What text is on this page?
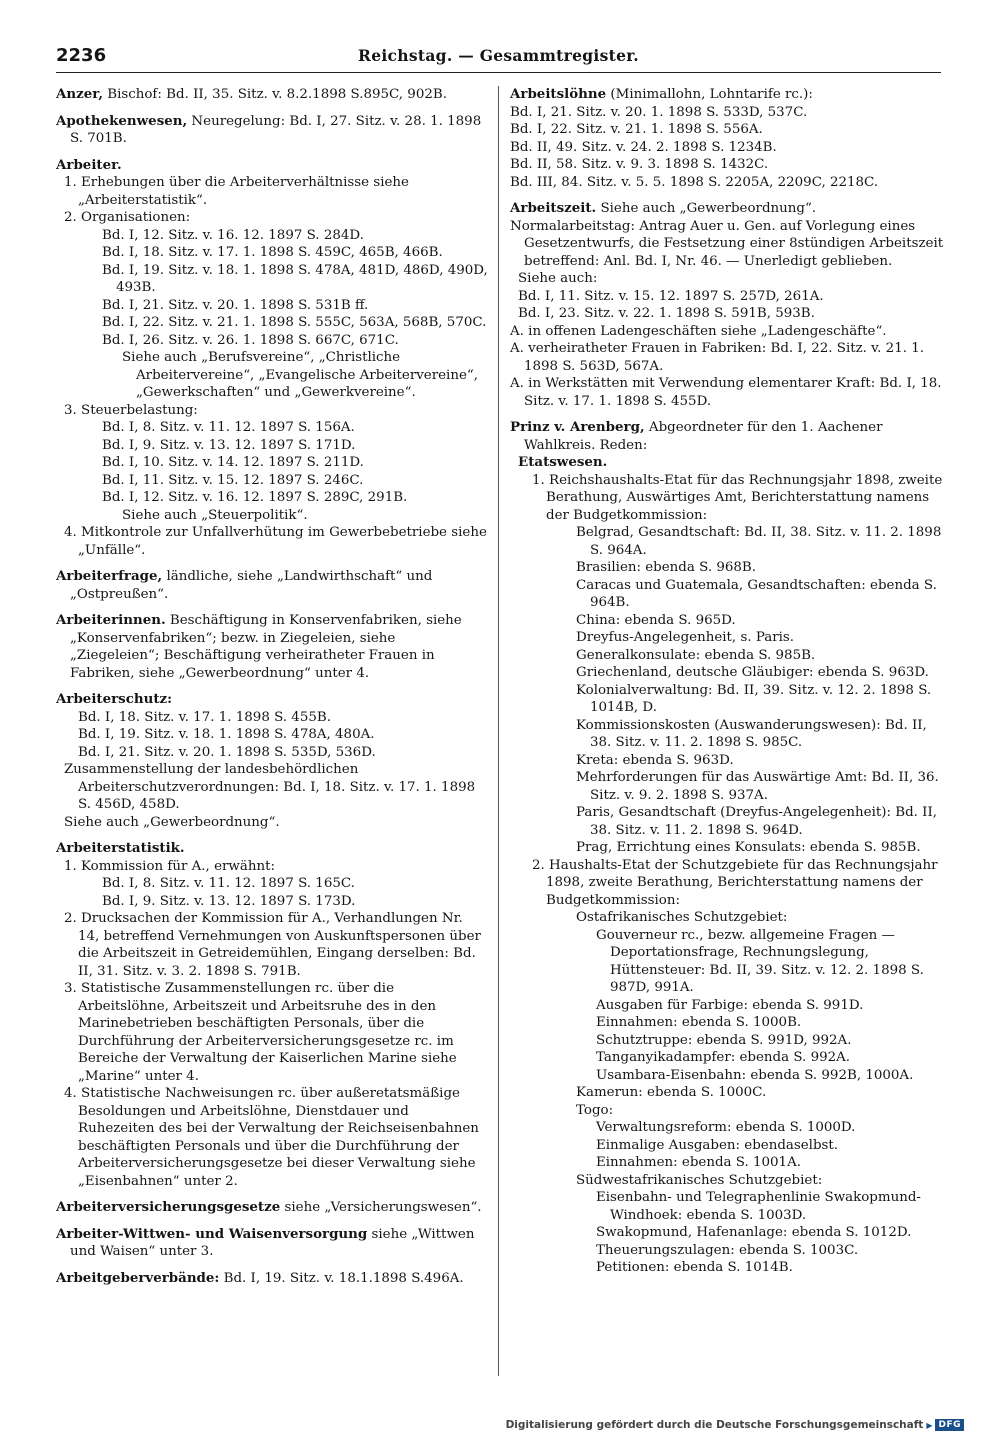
2236	Reichstag. — Gesammtregister.

Anzer, Bischof: Bd. II, 35. Sitz. v. 8.2.1898 S.895C, 902B.

Apothekenwesen, Neuregelung: Bd. I, 27. Sitz. v. 28. 1. 1898 S. 701B.

Arbeiter.

1. Erhebungen über die Arbeiterverhältnisse siehe „Arbeiterstatistik“.

2. Organisationen:

Bd. I, 12. Sitz. v. 16. 12. 1897 S. 284D.

Bd. I, 18. Sitz. v. 17. 1. 1898 S. 459C, 465B, 466B.

Bd. I, 19. Sitz. v. 18. 1. 1898 S. 478A, 481D, 486D, 490D, 493B.

Bd. I, 21. Sitz. v. 20. 1. 1898 S. 531B ff.

Bd. I, 22. Sitz. v. 21. 1. 1898 S. 555C, 563A, 568B, 570C.

Bd. I, 26. Sitz. v. 26. 1. 1898 S. 667C, 671C.

Siehe auch „Berufsvereine“, „Christliche Arbeitervereine“, „Evangelische Arbeitervereine“, „Gewerkschaften“ und „Gewerkvereine“.

3. Steuerbelastung:

Bd. I, 8. Sitz. v. 11. 12. 1897 S. 156A.

Bd. I, 9. Sitz. v. 13. 12. 1897 S. 171D.

Bd. I, 10. Sitz. v. 14. 12. 1897 S. 211D.

Bd. I, 11. Sitz. v. 15. 12. 1897 S. 246C.

Bd. I, 12. Sitz. v. 16. 12. 1897 S. 289C, 291B.

Siehe auch „Steuerpolitik“.

4. Mitkontrole zur Unfallverhütung im Gewerbebetriebe siehe „Unfälle“.

Arbeiterfrage, ländliche, siehe „Landwirthschaft“ und „Ostpreußen“.

Arbeiterinnen. Beschäftigung in Konservenfabriken, siehe „Konservenfabriken“; bezw. in Ziegeleien, siehe „Ziegeleien“; Beschäftigung verheiratheter Frauen in Fabriken, siehe „Gewerbeordnung“ unter 4.

Arbeiterschutz:

Bd. I, 18. Sitz. v. 17. 1. 1898 S. 455B.

Bd. I, 19. Sitz. v. 18. 1. 1898 S. 478A, 480A.

Bd. I, 21. Sitz. v. 20. 1. 1898 S. 535D, 536D.

Zusammenstellung der landesbehördlichen Arbeiterschutzverordnungen: Bd. I, 18. Sitz. v. 17. 1. 1898 S. 456D, 458D.

Siehe auch „Gewerbeordnung“.

Arbeiterstatistik.

1. Kommission für A., erwähnt:

Bd. I, 8. Sitz. v. 11. 12. 1897 S. 165C.

Bd. I, 9. Sitz. v. 13. 12. 1897 S. 173D.

2. Drucksachen der Kommission für A., Verhandlungen Nr. 14, betreffend Vernehmungen von Auskunftspersonen über die Arbeitszeit in Getreidemühlen, Eingang derselben: Bd. II, 31. Sitz. v. 3. 2. 1898 S. 791B.

3. Statistische Zusammenstellungen rc. über die Arbeitslöhne, Arbeitszeit und Arbeitsruhe des in den Marinebetrieben beschäftigten Personals, über die Durchführung der Arbeiterversicherungsgesetze rc. im Bereiche der Verwaltung der Kaiserlichen Marine siehe „Marine“ unter 4.

4. Statistische Nachweisungen rc. über außeretatsmäßige Besoldungen und Arbeitslöhne, Dienstdauer und Ruhezeiten des bei der Verwaltung der Reichseisenbahnen beschäftigten Personals und über die Durchführung der Arbeiterversicherungsgesetze bei dieser Verwaltung siehe „Eisenbahnen“ unter 2.

Arbeiterversicherungsgesetze siehe „Versicherungswesen“.

Arbeiter-Wittwen- und Waisenversorgung siehe „Wittwen und Waisen“ unter 3.

Arbeitgeberverbände: Bd. I, 19. Sitz. v. 18.1.1898 S.496A.

Arbeitslöhne (Minimallohn, Lohntarife rc.):

Bd. I, 21. Sitz. v. 20. 1. 1898 S. 533D, 537C.

Bd. I, 22. Sitz. v. 21. 1. 1898 S. 556A.

Bd. II, 49. Sitz. v. 24. 2. 1898 S. 1234B.

Bd. II, 58. Sitz. v. 9. 3. 1898 S. 1432C.

Bd. III, 84. Sitz. v. 5. 5. 1898 S. 2205A, 2209C, 2218C.

Arbeitszeit. Siehe auch „Gewerbeordnung“.

Normalarbeitstag: Antrag Auer u. Gen. auf Vorlegung eines Gesetzentwurfs, die Festsetzung einer 8stündigen Arbeitszeit betreffend: Anl. Bd. I, Nr. 46. — Unerledigt geblieben.

Siehe auch:

Bd. I, 11. Sitz. v. 15. 12. 1897 S. 257D, 261A.

Bd. I, 23. Sitz. v. 22. 1. 1898 S. 591B, 593B.

A. in offenen Ladengeschäften siehe „Ladengeschäfte“.

A. verheiratheter Frauen in Fabriken: Bd. I, 22. Sitz. v. 21. 1. 1898 S. 563D, 567A.

A. in Werkstätten mit Verwendung elementarer Kraft: Bd. I, 18. Sitz. v. 17. 1. 1898 S. 455D.

Prinz v. Arenberg, Abgeordneter für den 1. Aachener Wahlkreis. Reden:

Etatswesen.

1. Reichshaushalts-Etat für das Rechnungsjahr 1898, zweite Berathung, Auswärtiges Amt, Berichterstattung namens der Budgetkommission:

Belgrad, Gesandtschaft: Bd. II, 38. Sitz. v. 11. 2. 1898 S. 964A.

Brasilien: ebenda S. 968B.

Caracas und Guatemala, Gesandtschaften: ebenda S. 964B.

China: ebenda S. 965D.

Dreyfus-Angelegenheit, s. Paris.

Generalkonsulate: ebenda S. 985B.

Griechenland, deutsche Gläubiger: ebenda S. 963D.

Kolonialverwaltung: Bd. II, 39. Sitz. v. 12. 2. 1898 S. 1014B, D.

Kommissionskosten (Auswanderungswesen): Bd. II, 38. Sitz. v. 11. 2. 1898 S. 985C.

Kreta: ebenda S. 963D.

Mehrforderungen für das Auswärtige Amt: Bd. II, 36. Sitz. v. 9. 2. 1898 S. 937A.

Paris, Gesandtschaft (Dreyfus-Angelegenheit): Bd. II, 38. Sitz. v. 11. 2. 1898 S. 964D.

Prag, Errichtung eines Konsulats: ebenda S. 985B.

2. Haushalts-Etat der Schutzgebiete für das Rechnungsjahr 1898, zweite Berathung, Berichterstattung namens der Budgetkommission:

Ostafrikanisches Schutzgebiet:

Gouverneur rc., bezw. allgemeine Fragen — Deportationsfrage, Rechnungslegung, Hüttensteuer: Bd. II, 39. Sitz. v. 12. 2. 1898 S. 987D, 991A.

Ausgaben für Farbige: ebenda S. 991D.

Einnahmen: ebenda S. 1000B.

Schutztruppe: ebenda S. 991D, 992A.

Tanganyikadampfer: ebenda S. 992A.

Usambara-Eisenbahn: ebenda S. 992B, 1000A.

Kamerun: ebenda S. 1000C.

Togo:

Verwaltungsreform: ebenda S. 1000D.

Einmalige Ausgaben: ebendaselbst.

Einnahmen: ebenda S. 1001A.

Südwestafrikanisches Schutzgebiet:

Eisenbahn- und Telegraphenlinie Swakopmund-Windhoek: ebenda S. 1003D.

Swakopmund, Hafenanlage: ebenda S. 1012D.

Theuerungszulagen: ebenda S. 1003C.

Petitionen: ebenda S. 1014B.

Digitalisierung gefördert durch die Deutsche Forschungsgemeinschaft ▶ DFG
